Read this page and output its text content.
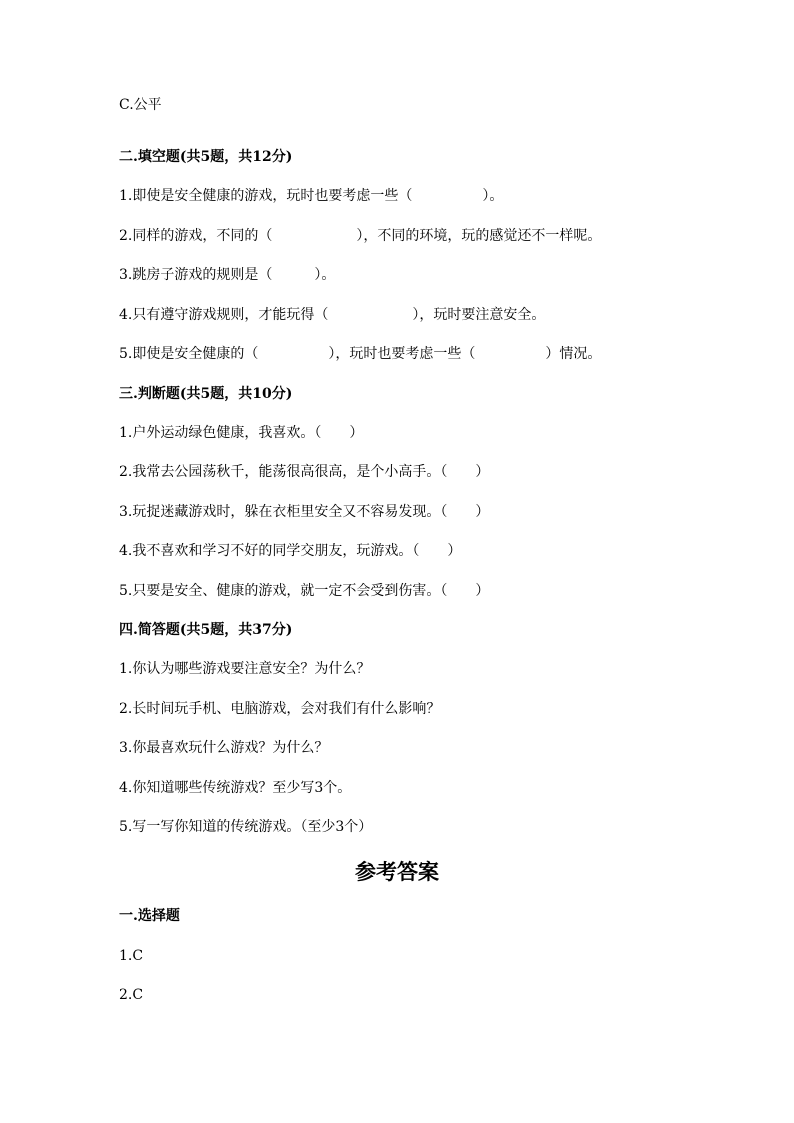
C.公平
二.填空题(共5题，共12分)
1.即使是安全健康的游戏，玩时也要考虑一些（　　　　　）。
2.同样的游戏，不同的（　　　　　　），不同的环境，玩的感觉还不一样呢。
3.跳房子游戏的规则是（　　　）。
4.只有遵守游戏规则，才能玩得（　　　　　　），玩时要注意安全。
5.即使是安全健康的（　　　　　），玩时也要考虑一些（　　　　　）情况。
三.判断题(共5题，共10分)
1.户外运动绿色健康，我喜欢。（　　）
2.我常去公园荡秋千，能荡很高很高，是个小高手。（　　）
3.玩捉迷藏游戏时，躲在衣柜里安全又不容易发现。（　　）
4.我不喜欢和学习不好的同学交朋友，玩游戏。（　　）
5.只要是安全、健康的游戏，就一定不会受到伤害。（　　）
四.简答题(共5题，共37分)
1.你认为哪些游戏要注意安全？为什么？
2.长时间玩手机、电脑游戏，会对我们有什么影响？
3.你最喜欢玩什么游戏？为什么？
4.你知道哪些传统游戏？至少写3个。
5.写一写你知道的传统游戏。（至少3个）
参考答案
一.选择题
1.C
2.C
